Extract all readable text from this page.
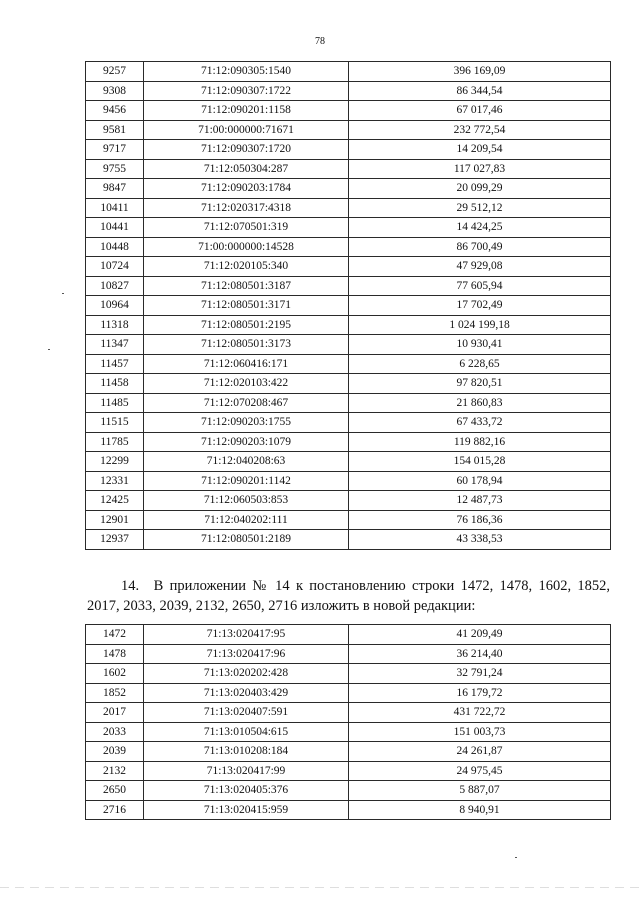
78
9257	71:12:090305:1540	396 169,09
9308	71:12:090307:1722	86 344,54
9456	71:12:090201:1158	67 017,46
9581	71:00:000000:71671	232 772,54
9717	71:12:090307:1720	14 209,54
9755	71:12:050304:287	117 027,83
9847	71:12:090203:1784	20 099,29
10411	71:12:020317:4318	29 512,12
10441	71:12:070501:319	14 424,25
10448	71:00:000000:14528	86 700,49
10724	71:12:020105:340	47 929,08
10827	71:12:080501:3187	77 605,94
10964	71:12:080501:3171	17 702,49
11318	71:12:080501:2195	1 024 199,18
11347	71:12:080501:3173	10 930,41
11457	71:12:060416:171	6 228,65
11458	71:12:020103:422	97 820,51
11485	71:12:070208:467	21 860,83
11515	71:12:090203:1755	67 433,72
11785	71:12:090203:1079	119 882,16
12299	71:12:040208:63	154 015,28
12331	71:12:090201:1142	60 178,94
12425	71:12:060503:853	12 487,73
12901	71:12:040202:111	76 186,36
12937	71:12:080501:2189	43 338,53
14. В приложении № 14 к постановлению строки 1472, 1478, 1602, 1852, 2017, 2033, 2039, 2132, 2650, 2716 изложить в новой редакции:
1472	71:13:020417:95	41 209,49
1478	71:13:020417:96	36 214,40
1602	71:13:020202:428	32 791,24
1852	71:13:020403:429	16 179,72
2017	71:13:020407:591	431 722,72
2033	71:13:010504:615	151 003,73
2039	71:13:010208:184	24 261,87
2132	71:13:020417:99	24 975,45
2650	71:13:020405:376	5 887,07
2716	71:13:020415:959	8 940,91
